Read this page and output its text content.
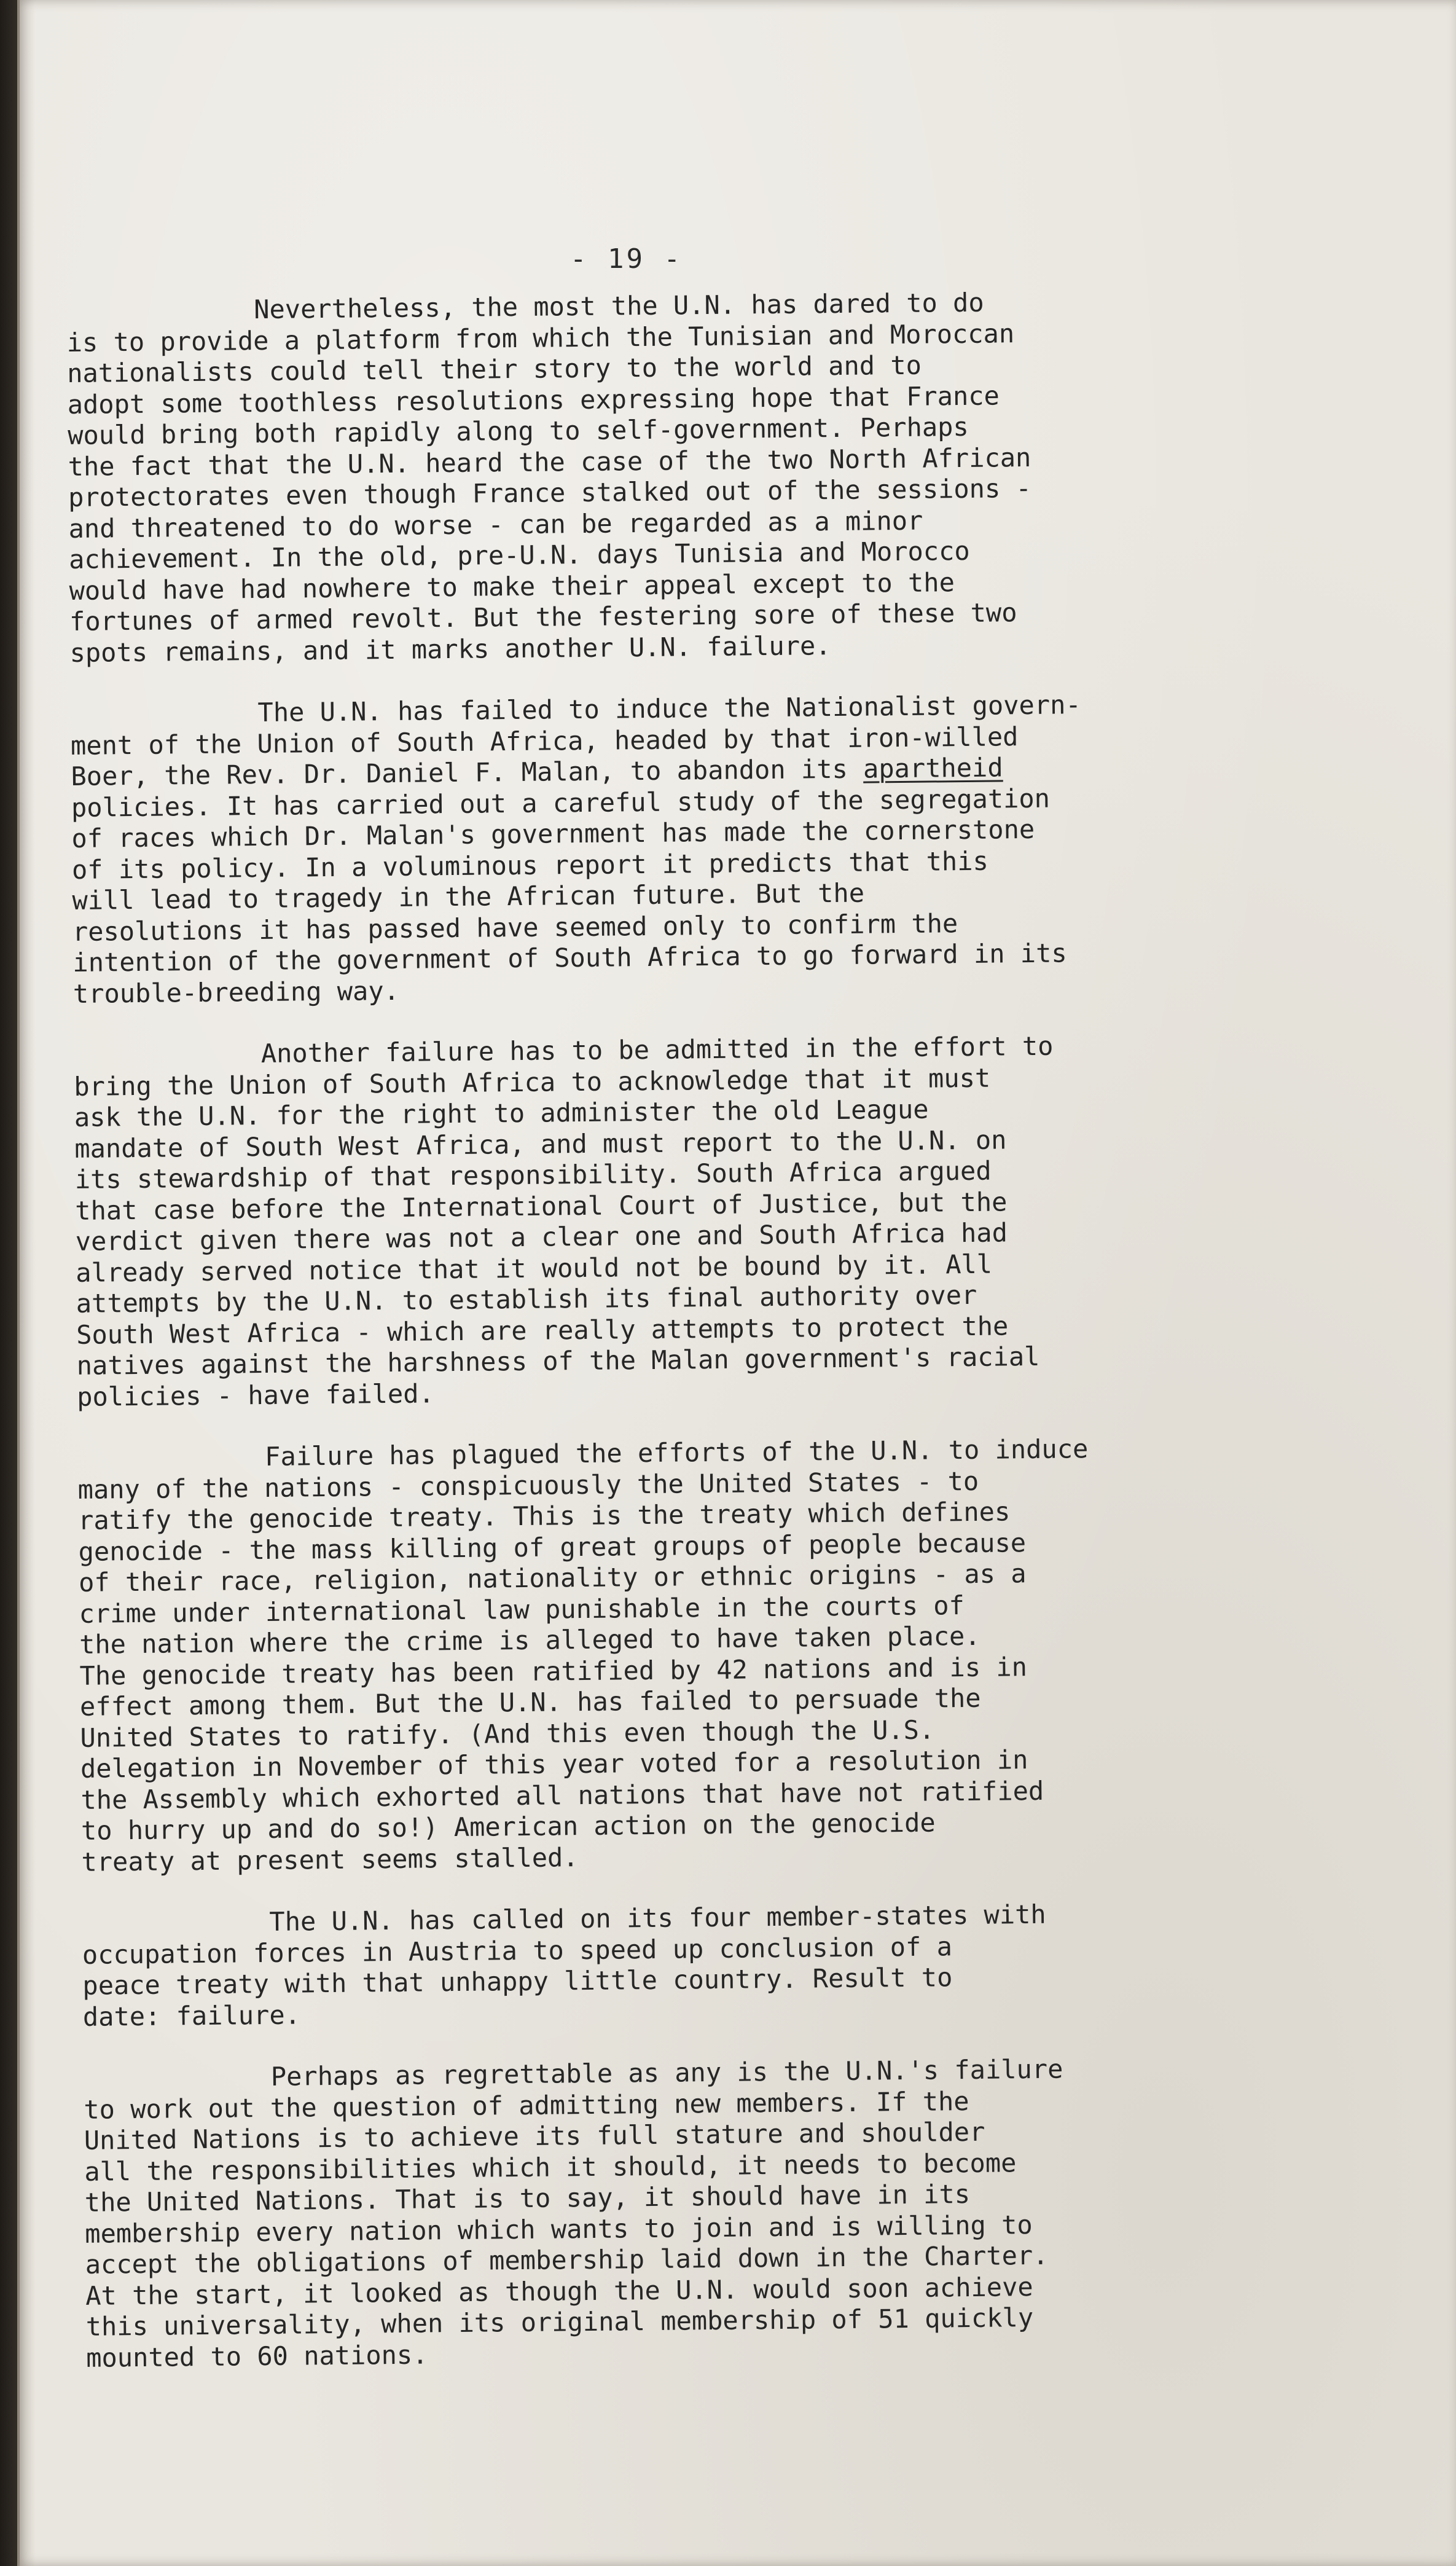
- 19 -
Nevertheless, the most the U.N. has dared to do
is to provide a platform from which the Tunisian and Moroccan
nationalists could tell their story to the world and to
adopt some toothless resolutions expressing hope that France
would bring both rapidly along to self-government. Perhaps
the fact that the U.N. heard the case of the two North African
protectorates even though France stalked out of the sessions -
and threatened to do worse - can be regarded as a minor
achievement. In the old, pre-U.N. days Tunisia and Morocco
would have had nowhere to make their appeal except to the
fortunes of armed revolt. But the festering sore of these two
spots remains, and it marks another U.N. failure.
The U.N. has failed to induce the Nationalist govern-
ment of the Union of South Africa, headed by that iron-willed
Boer, the Rev. Dr. Daniel F. Malan, to abandon its apartheid
policies. It has carried out a careful study of the segregation
of races which Dr. Malan's government has made the cornerstone
of its policy. In a voluminous report it predicts that this
will lead to tragedy in the African future. But the
resolutions it has passed have seemed only to confirm the
intention of the government of South Africa to go forward in its
trouble-breeding way.
Another failure has to be admitted in the effort to
bring the Union of South Africa to acknowledge that it must
ask the U.N. for the right to administer the old League
mandate of South West Africa, and must report to the U.N. on
its stewardship of that responsibility. South Africa argued
that case before the International Court of Justice, but the
verdict given there was not a clear one and South Africa had
already served notice that it would not be bound by it. All
attempts by the U.N. to establish its final authority over
South West Africa - which are really attempts to protect the
natives against the harshness of the Malan government's racial
policies - have failed.
Failure has plagued the efforts of the U.N. to induce
many of the nations - conspicuously the United States - to
ratify the genocide treaty. This is the treaty which defines
genocide - the mass killing of great groups of people because
of their race, religion, nationality or ethnic origins - as a
crime under international law punishable in the courts of
the nation where the crime is alleged to have taken place.
The genocide treaty has been ratified by 42 nations and is in
effect among them. But the U.N. has failed to persuade the
United States to ratify. (And this even though the U.S.
delegation in November of this year voted for a resolution in
the Assembly which exhorted all nations that have not ratified
to hurry up and do so!) American action on the genocide
treaty at present seems stalled.
The U.N. has called on its four member-states with
occupation forces in Austria to speed up conclusion of a
peace treaty with that unhappy little country. Result to
date: failure.
Perhaps as regrettable as any is the U.N.'s failure
to work out the question of admitting new members. If the
United Nations is to achieve its full stature and shoulder
all the responsibilities which it should, it needs to become
the United Nations. That is to say, it should have in its
membership every nation which wants to join and is willing to
accept the obligations of membership laid down in the Charter.
At the start, it looked as though the U.N. would soon achieve
this universality, when its original membership of 51 quickly
mounted to 60 nations.
